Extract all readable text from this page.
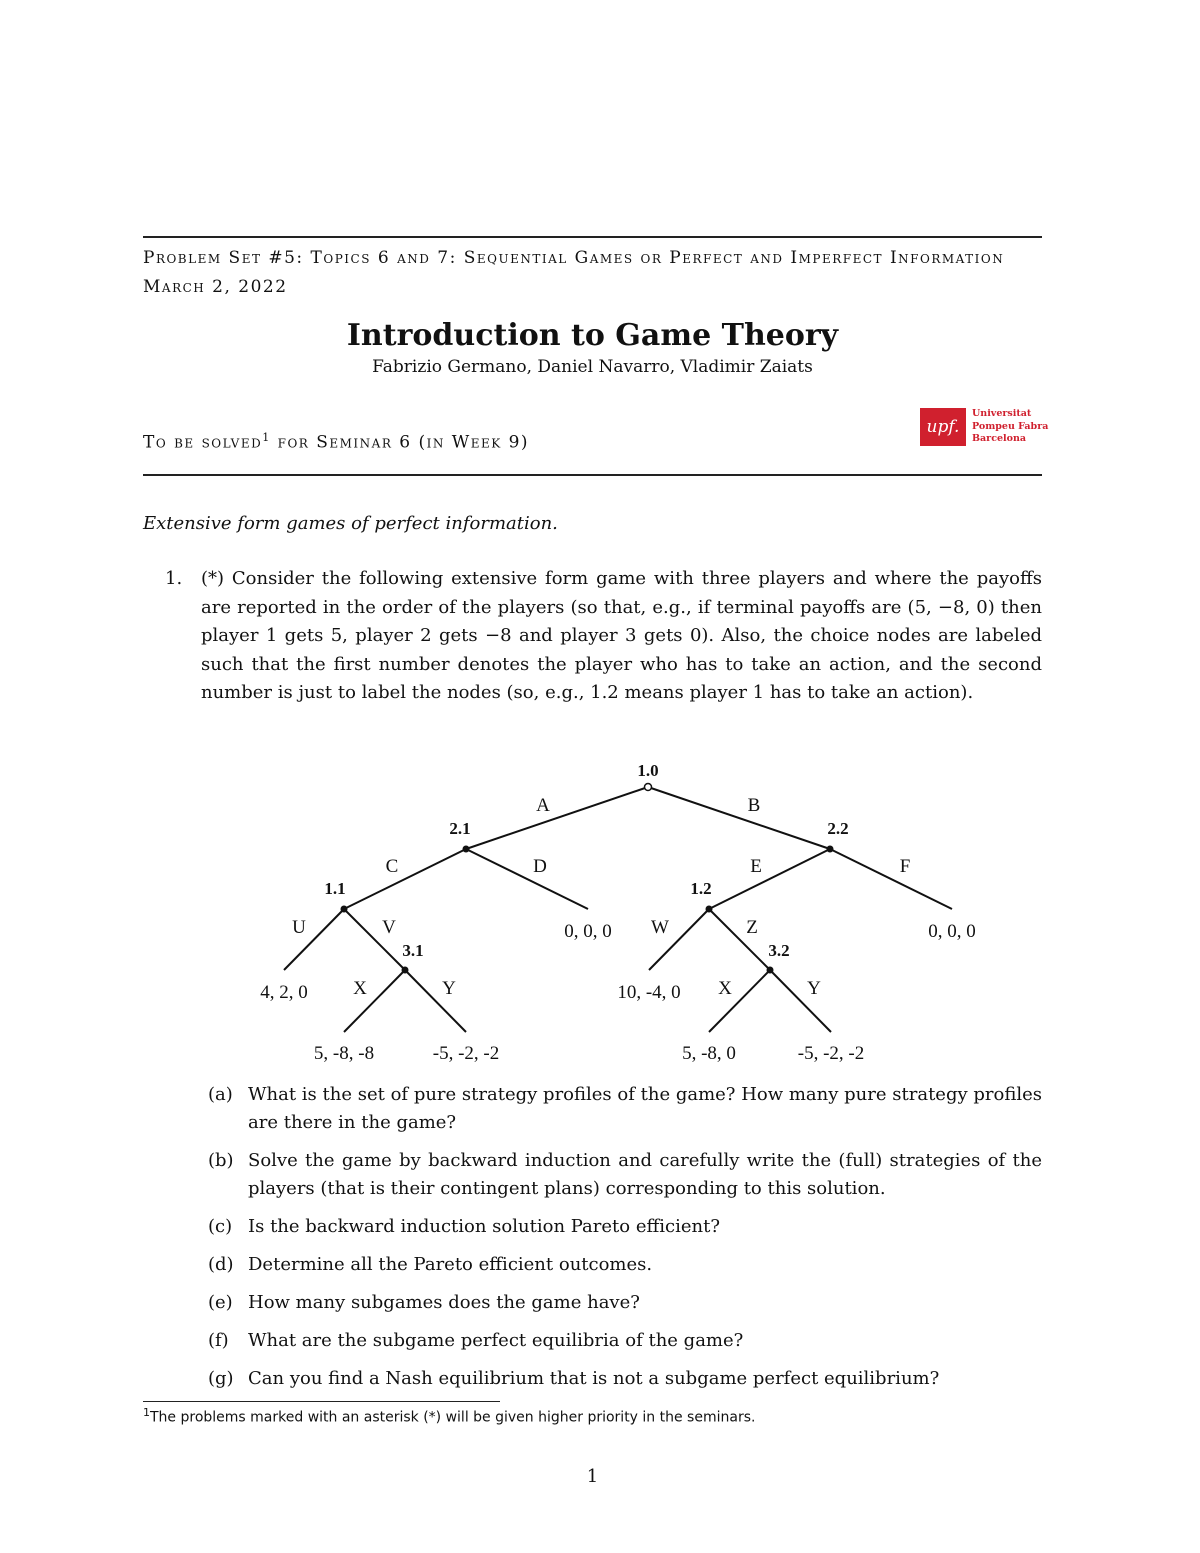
Problem Set #5: Topics 6 and 7: Sequential Games or Perfect and Imperfect Information
March 2, 2022
Introduction to Game Theory
Fabrizio Germano, Daniel Navarro, Vladimir Zaiats
To be solved$^1$ for Seminar 6 (in Week 9)
upf.
Universitat
Pompeu Fabra
Barcelona
Extensive form games of perfect information.
1. (*) Consider the following extensive form game with three players and where the payoffs are reported in the order of the players (so that, e.g., if terminal payoffs are (5, −8, 0) then player 1 gets 5, player 2 gets −8 and player 3 gets 0). Also, the choice nodes are labeled such that the first number denotes the player who has to take an action, and the second number is just to label the nodes (so, e.g., 1.2 means player 1 has to take an action).
1.0
2.1	2.2
1.1	1.2
3.1	3.2
A	B
C	D	E	F
U	V	W	Z
X	Y	X	Y
0, 0, 0	0, 0, 0
4, 2, 0	10, -4, 0
5, -8, -8	-5, -2, -2	5, -8, 0	-5, -2, -2
(a) What is the set of pure strategy profiles of the game? How many pure strategy profiles are there in the game?
(b) Solve the game by backward induction and carefully write the (full) strategies of the players (that is their contingent plans) corresponding to this solution.
(c) Is the backward induction solution Pareto efficient?
(d) Determine all the Pareto efficient outcomes.
(e) How many subgames does the game have?
(f)	What are the subgame perfect equilibria of the game?
(g) Can you find a Nash equilibrium that is not a subgame perfect equilibrium?
$^1$The problems marked with an asterisk (*) will be given higher priority in the seminars.
1
